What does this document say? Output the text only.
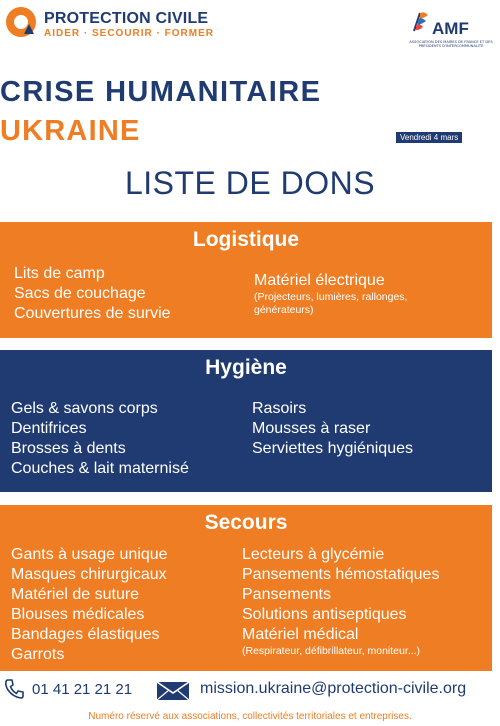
PROTECTION CIVILE
AIDER · SECOURIR · FORMER	AMF
ASSOCIATION DES MAIRES DE FRANCE ET DES PRÉSIDENTS D'INTERCOMMUNALITÉ
CRISE HUMANITAIRE
UKRAINE	Vendredi 4 mars
LISTE DE DONS
Logistique
Lits de camp
Sacs de couchage
Couvertures de survie
Matériel électrique
(Projecteurs, lumières, rallonges, générateurs)
Hygiène
Gels & savons corps
Dentifrices
Brosses à dents
Couches & lait maternisé
Rasoirs
Mousses à raser
Serviettes hygiéniques
Secours
Gants à usage unique
Masques chirurgicaux
Matériel de suture
Blouses médicales
Bandages élastiques
Garrots
Lecteurs à glycémie
Pansements hémostatiques
Pansements
Solutions antiseptiques
Matériel médical
(Respirateur, défibrillateur, moniteur...)
01 41 21 21 21	mission.ukraine@protection-civile.org
Numéro réservé aux associations, collectivités territoriales et entreprises.
